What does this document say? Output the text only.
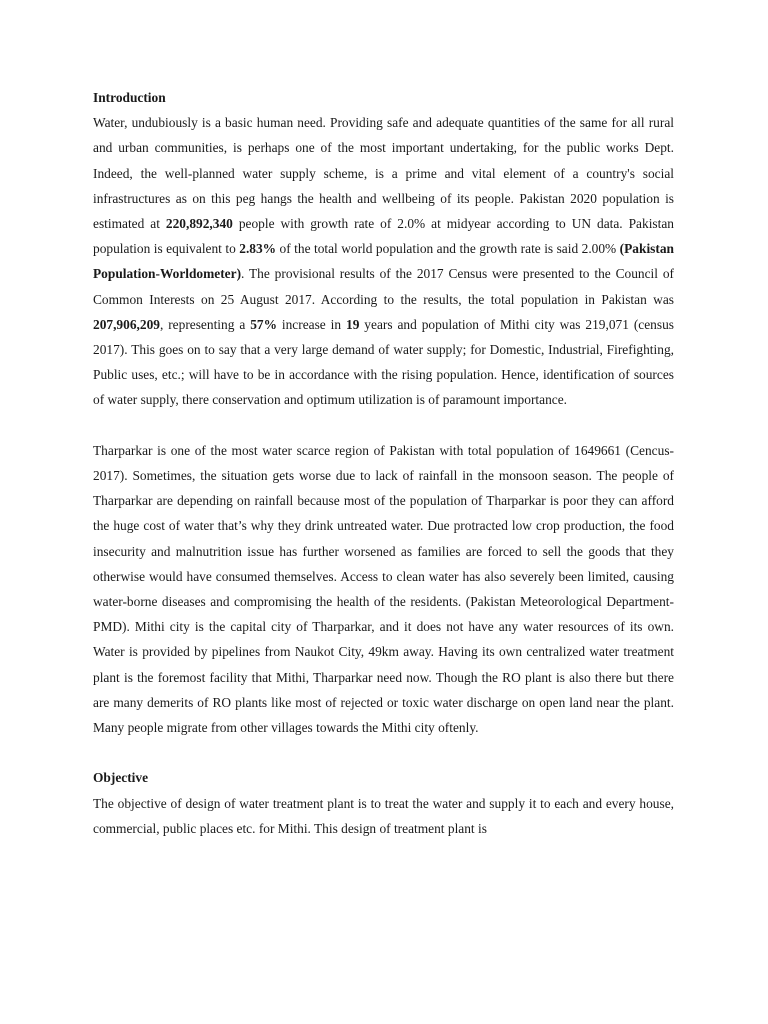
Introduction

Water, undubiously is a basic human need. Providing safe and adequate quantities of the same for all rural and urban communities, is perhaps one of the most important undertaking, for the public works Dept. Indeed, the well-planned water supply scheme, is a prime and vital element of a country's social infrastructures as on this peg hangs the health and wellbeing of its people. Pakistan 2020 population is estimated at 220,892,340 people with growth rate of 2.0% at midyear according to UN data. Pakistan population is equivalent to 2.83% of the total world population and the growth rate is said 2.00% (Pakistan Population-Worldometer). The provisional results of the 2017 Census were presented to the Council of Common Interests on 25 August 2017. According to the results, the total population in Pakistan was 207,906,209, representing a 57% increase in 19 years and population of Mithi city was 219,071 (census 2017). This goes on to say that a very large demand of water supply; for Domestic, Industrial, Firefighting, Public uses, etc.; will have to be in accordance with the rising population. Hence, identification of sources of water supply, there conservation and optimum utilization is of paramount importance.

Tharparkar is one of the most water scarce region of Pakistan with total population of 1649661 (Cencus-2017). Sometimes, the situation gets worse due to lack of rainfall in the monsoon season. The people of Tharparkar are depending on rainfall because most of the population of Tharparkar is poor they can afford the huge cost of water that’s why they drink untreated water. Due protracted low crop production, the food insecurity and malnutrition issue has further worsened as families are forced to sell the goods that they otherwise would have consumed themselves. Access to clean water has also severely been limited, causing water-borne diseases and compromising the health of the residents. (Pakistan Meteorological Department-PMD). Mithi city is the capital city of Tharparkar, and it does not have any water resources of its own. Water is provided by pipelines from Naukot City, 49km away. Having its own centralized water treatment plant is the foremost facility that Mithi, Tharparkar need now. Though the RO plant is also there but there are many demerits of RO plants like most of rejected or toxic water discharge on open land near the plant. Many people migrate from other villages towards the Mithi city oftenly.

Objective

The objective of design of water treatment plant is to treat the water and supply it to each and every house, commercial, public places etc. for Mithi. This design of treatment plant is
